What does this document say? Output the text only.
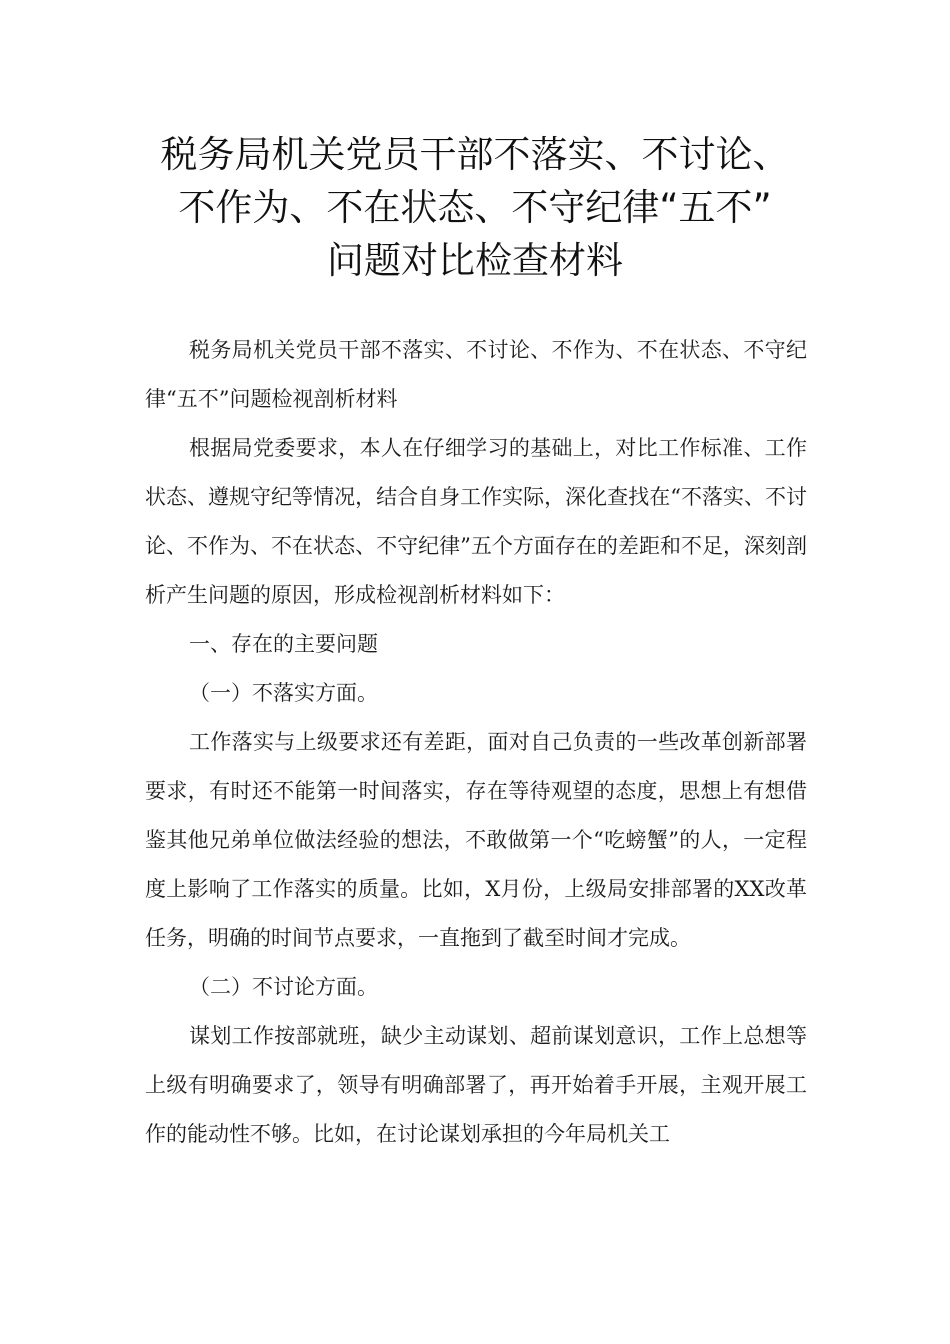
税务局机关党员干部不落实、不讨论、
不作为、不在状态、不守纪律“五不”
问题对比检查材料

税务局机关党员干部不落实、不讨论、不作为、不在状态、不守纪律“五不”问题检视剖析材料

根据局党委要求，本人在仔细学习的基础上，对比工作标准、工作状态、遵规守纪等情况，结合自身工作实际，深化查找在“不落实、不讨论、不作为、不在状态、不守纪律”五个方面存在的差距和不足，深刻剖析产生问题的原因，形成检视剖析材料如下：

一、存在的主要问题

（一）不落实方面。

工作落实与上级要求还有差距，面对自己负责的一些改革创新部署要求，有时还不能第一时间落实，存在等待观望的态度，思想上有想借鉴其他兄弟单位做法经验的想法，不敢做第一个“吃螃蟹”的人，一定程度上影响了工作落实的质量。比如，X月份，上级局安排部署的XX改革任务，明确的时间节点要求，一直拖到了截至时间才完成。

（二）不讨论方面。

谋划工作按部就班，缺少主动谋划、超前谋划意识，工作上总想等上级有明确要求了，领导有明确部署了，再开始着手开展，主观开展工作的能动性不够。比如，在讨论谋划承担的今年局机关工
